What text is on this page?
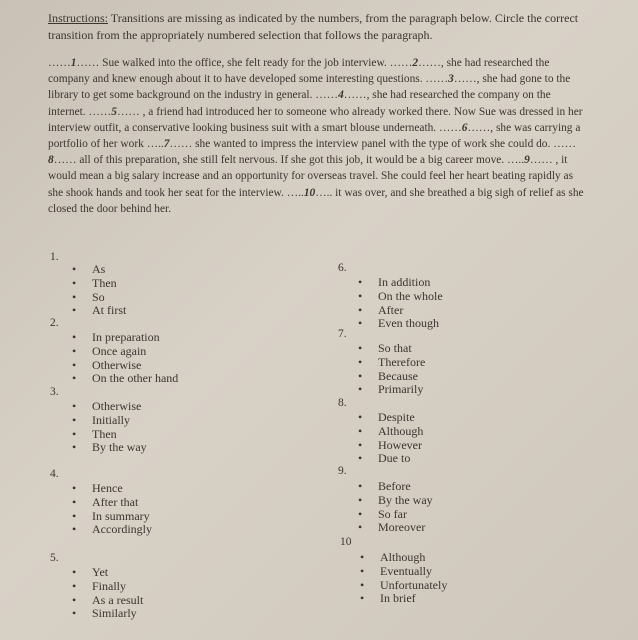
Instructions: Transitions are missing as indicated by the numbers, from the paragraph below. Circle the correct transition from the appropriately numbered selection that follows the paragraph.
……1…… Sue walked into the office, she felt ready for the job interview. ……2……, she had researched the company and knew enough about it to have developed some interesting questions. ……3……, she had gone to the library to get some background on the industry in general. ……4……, she had researched the company on the internet. ……5…… , a friend had introduced her to someone who already worked there. Now Sue was dressed in her interview outfit, a conservative looking business suit with a smart blouse underneath. ……6……, she was carrying a portfolio of her work …..7…… she wanted to impress the interview panel with the type of work she could do. ……8…… all of this preparation, she still felt nervous. If she got this job, it would be a big career move. …..9…… , it would mean a big salary increase and an opportunity for overseas travel. She could feel her heart beating rapidly as she shook hands and took her seat for the interview. …..10….. it was over, and she breathed a big sigh of relief as she closed the door behind her.
1.
• As
• Then
• So
• At first
2.
• In preparation
• Once again
• Otherwise
• On the other hand
3.
• Otherwise
• Initially
• Then
• By the way
4.
• Hence
• After that
• In summary
• Accordingly
5.
• Yet
• Finally
• As a result
• Similarly
6.
• In addition
• On the whole
• After
• Even though
7.
• So that
• Therefore
• Because
• Primarily
8.
• Despite
• Although
• However
• Due to
9.
• Before
• By the way
• So far
• Moreover
10
• Although
• Eventually
• Unfortunately
• In brief
